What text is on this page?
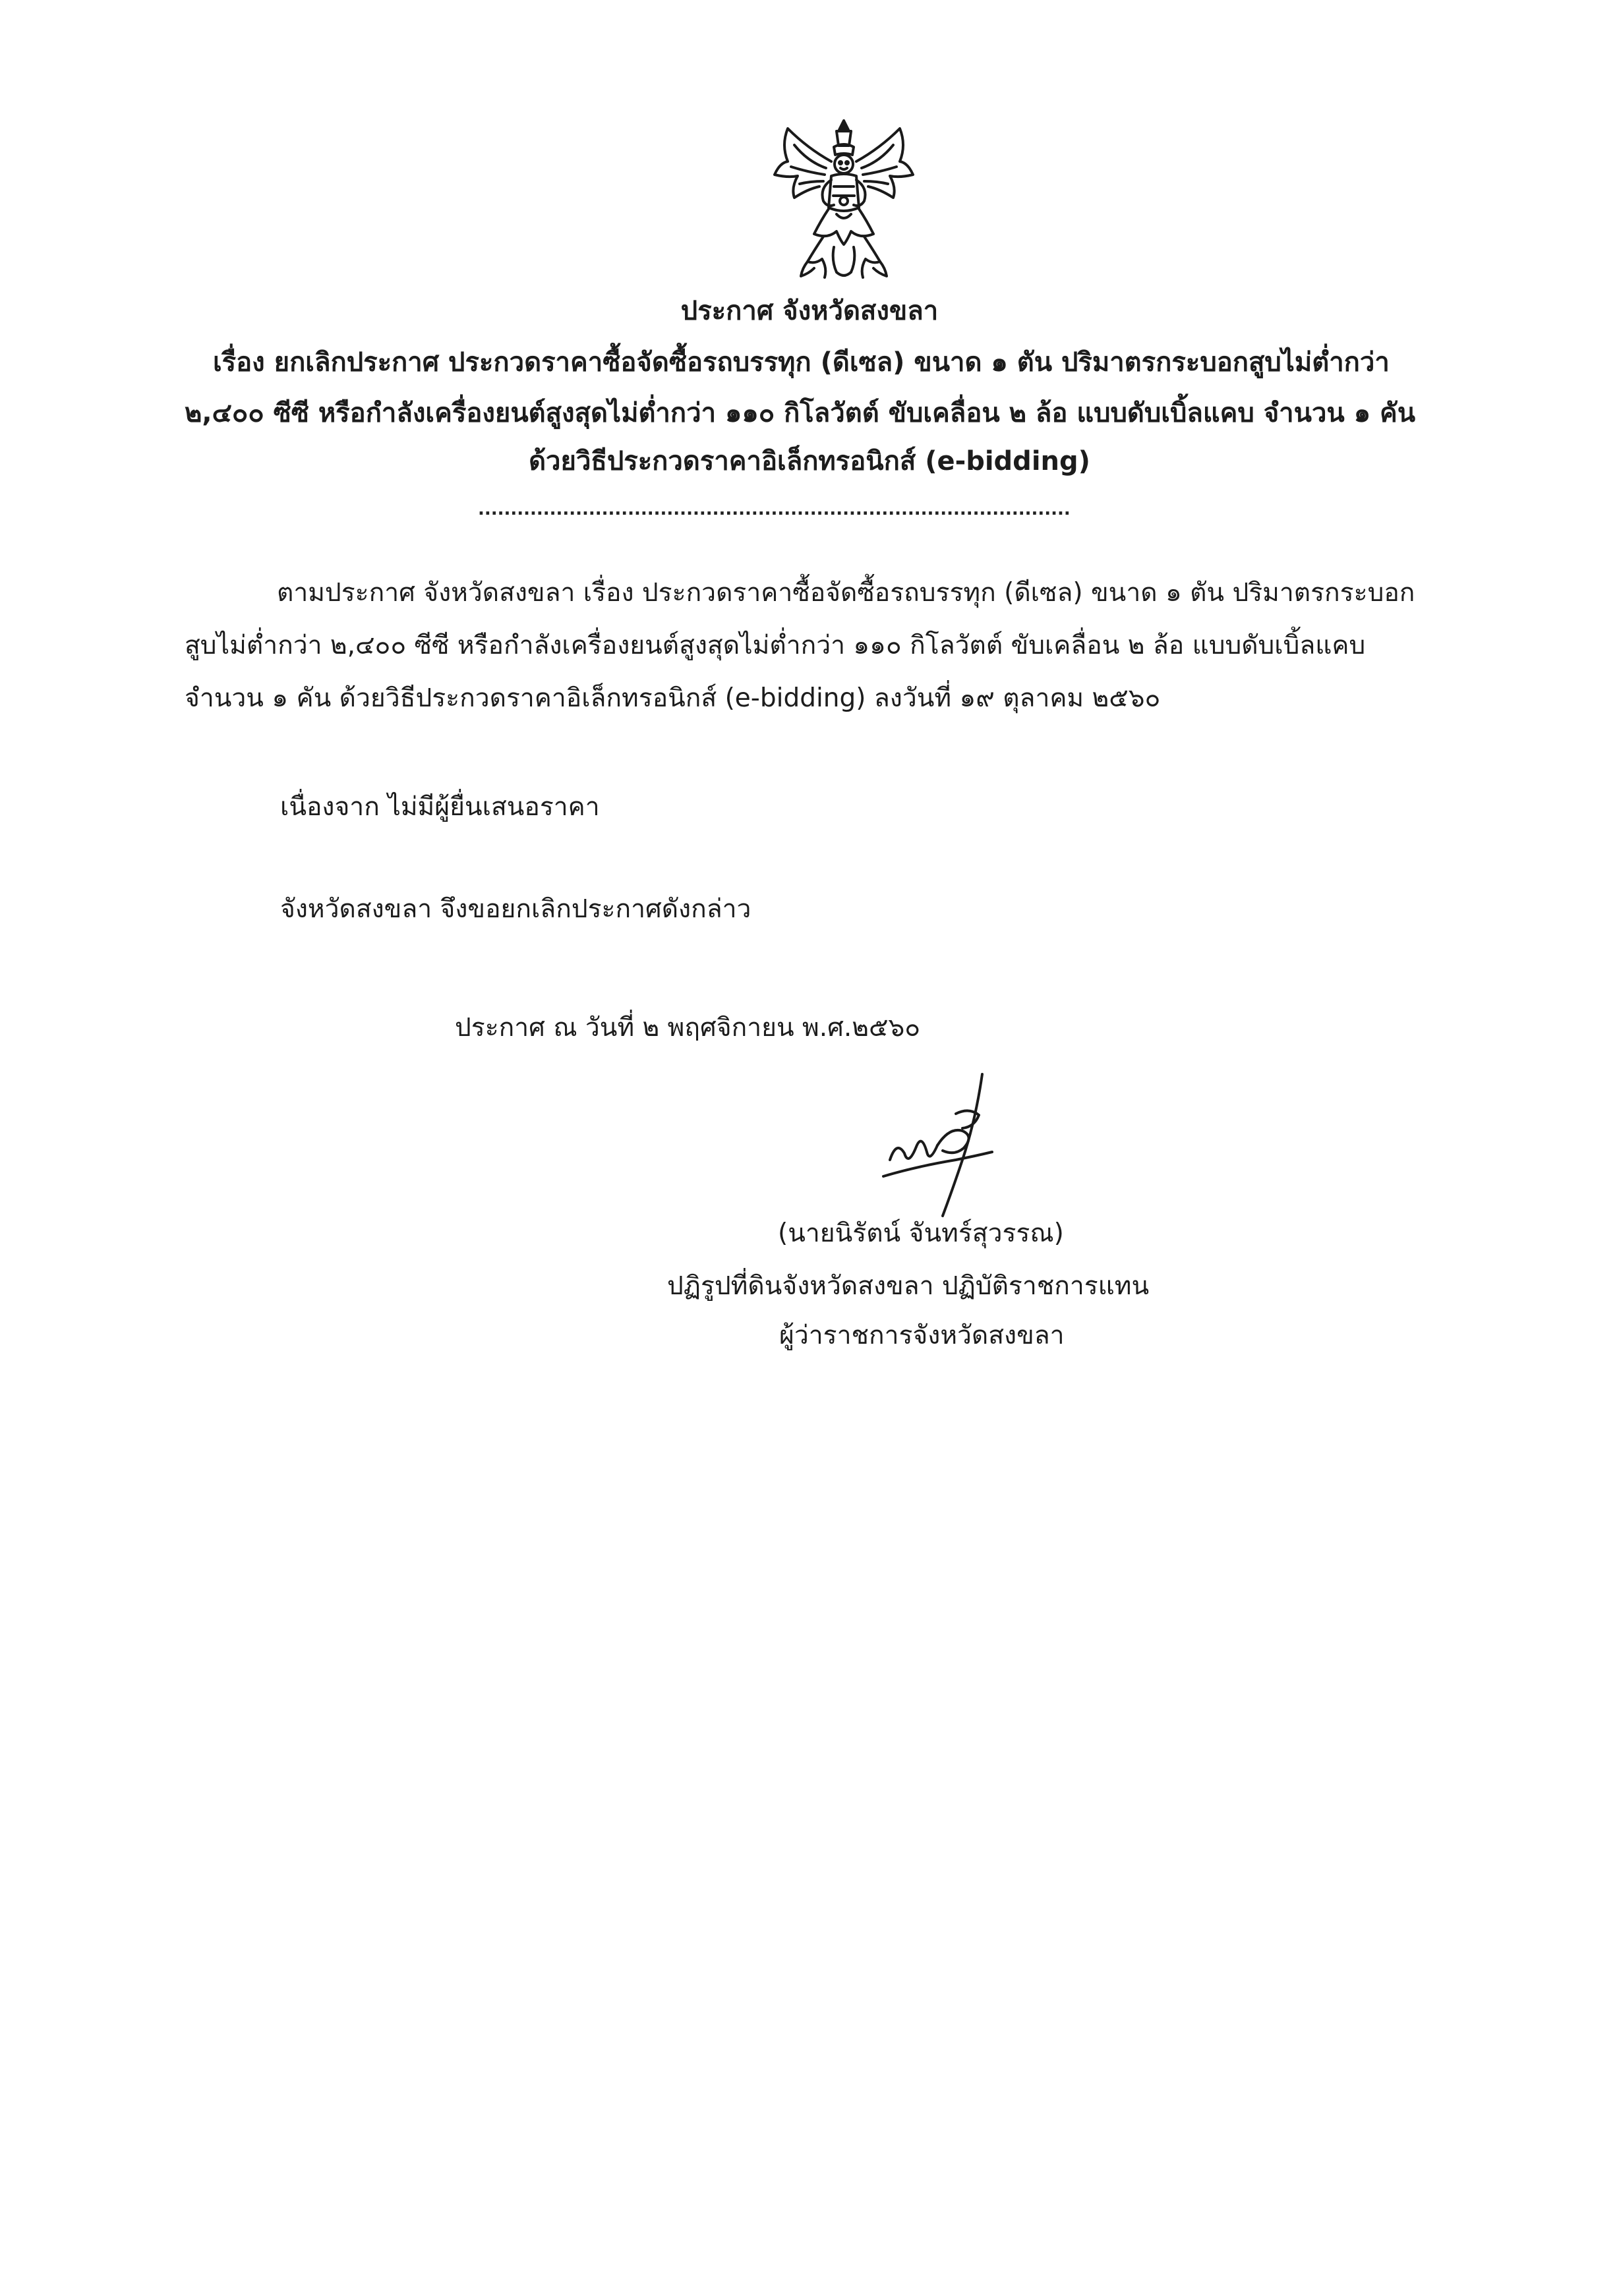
ประกาศ จังหวัดสงขลา
เรื่อง ยกเลิกประกาศ ประกวดราคาซื้อจัดซื้อรถบรรทุก (ดีเซล) ขนาด ๑ ตัน ปริมาตรกระบอกสูบไม่ต่ำกว่า
๒,๔๐๐ ซีซี หรือกำลังเครื่องยนต์สูงสุดไม่ต่ำกว่า ๑๑๐ กิโลวัตต์ ขับเคลื่อน ๒ ล้อ แบบดับเบิ้ลแคบ จำนวน ๑ คัน
ด้วยวิธีประกวดราคาอิเล็กทรอนิกส์ (e-bidding)
...........................................................................................
ตามประกาศ จังหวัดสงขลา เรื่อง ประกวดราคาซื้อจัดซื้อรถบรรทุก (ดีเซล) ขนาด ๑ ตัน ปริมาตรกระบอก
สูบไม่ต่ำกว่า ๒,๔๐๐ ซีซี หรือกำลังเครื่องยนต์สูงสุดไม่ต่ำกว่า ๑๑๐ กิโลวัตต์ ขับเคลื่อน ๒ ล้อ แบบดับเบิ้ลแคบ
จำนวน ๑ คัน ด้วยวิธีประกวดราคาอิเล็กทรอนิกส์ (e-bidding) ลงวันที่ ๑๙ ตุลาคม ๒๕๖๐
เนื่องจาก ไม่มีผู้ยื่นเสนอราคา
จังหวัดสงขลา จึงขอยกเลิกประกาศดังกล่าว
ประกาศ ณ วันที่ ๒ พฤศจิกายน พ.ศ.๒๕๖๐
(นายนิรัตน์ จันทร์สุวรรณ)
ปฏิรูปที่ดินจังหวัดสงขลา ปฏิบัติราชการแทน
ผู้ว่าราชการจังหวัดสงขลา
